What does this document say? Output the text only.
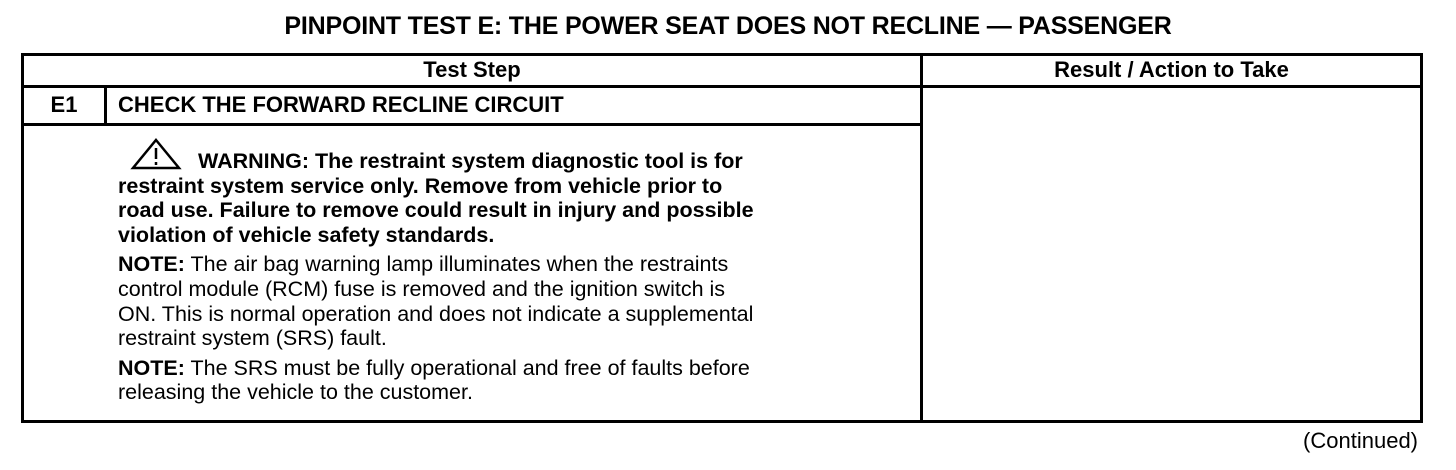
PINPOINT TEST E: THE POWER SEAT DOES NOT RECLINE — PASSENGER
Test Step	Result / Action to Take
E1	CHECK THE FORWARD RECLINE CIRCUIT
WARNING: The restraint system diagnostic tool is for
restraint system service only. Remove from vehicle prior to
road use. Failure to remove could result in injury and possible
violation of vehicle safety standards.
NOTE: The air bag warning lamp illuminates when the restraints
control module (RCM) fuse is removed and the ignition switch is
ON. This is normal operation and does not indicate a supplemental
restraint system (SRS) fault.
NOTE: The SRS must be fully operational and free of faults before
releasing the vehicle to the customer.
(Continued)
